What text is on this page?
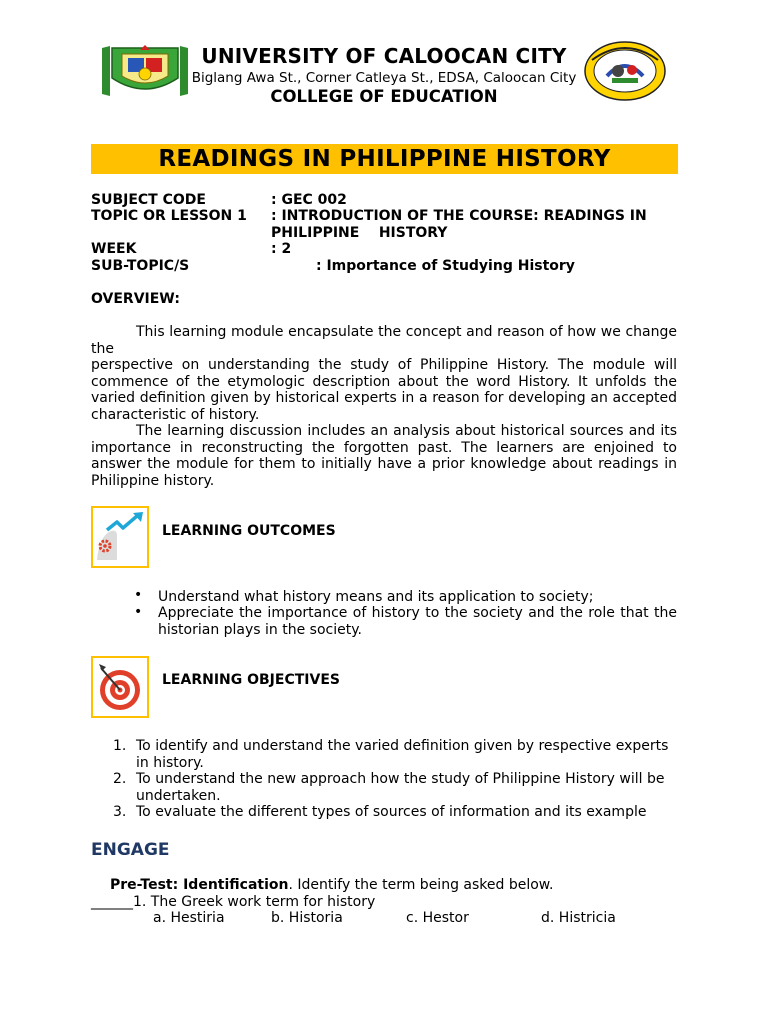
UNIVERSITY OF CALOOCAN CITY
Biglang Awa St., Corner Catleya St., EDSA, Caloocan City
COLLEGE OF EDUCATION
READINGS IN PHILIPPINE HISTORY
SUBJECT CODE	: GEC 002
TOPIC OR LESSON 1 : INTRODUCTION OF THE COURSE: READINGS IN
PHILIPPINE    HISTORY
WEEK	: 2
SUB-TOPIC/S	: Importance of Studying History
OVERVIEW:
This learning module encapsulate the concept and reason of how we change the
perspective on understanding the study of Philippine History. The module will commence of the etymologic description about the word History. It unfolds the varied definition given by historical experts in a reason for developing an accepted characteristic of history.
The learning discussion includes an analysis about historical sources and its importance in reconstructing the forgotten past. The learners are enjoined to answer the module for them to initially have a prior knowledge about readings in Philippine history.
LEARNING OUTCOMES
• Understand what history means and its application to society;
• Appreciate the importance of history to the society and the role that the historian plays in the society.
LEARNING OBJECTIVES
1. To identify and understand the varied definition given by respective experts in history.
2. To understand the new approach how the study of Philippine History will be undertaken.
3. To evaluate the different types of sources of information and its example
ENGAGE
Pre-Test: Identification. Identify the term being asked below.
______1. The Greek work term for history
a. Hestiria	b. Historia	c. Hestor	d. Histricia
